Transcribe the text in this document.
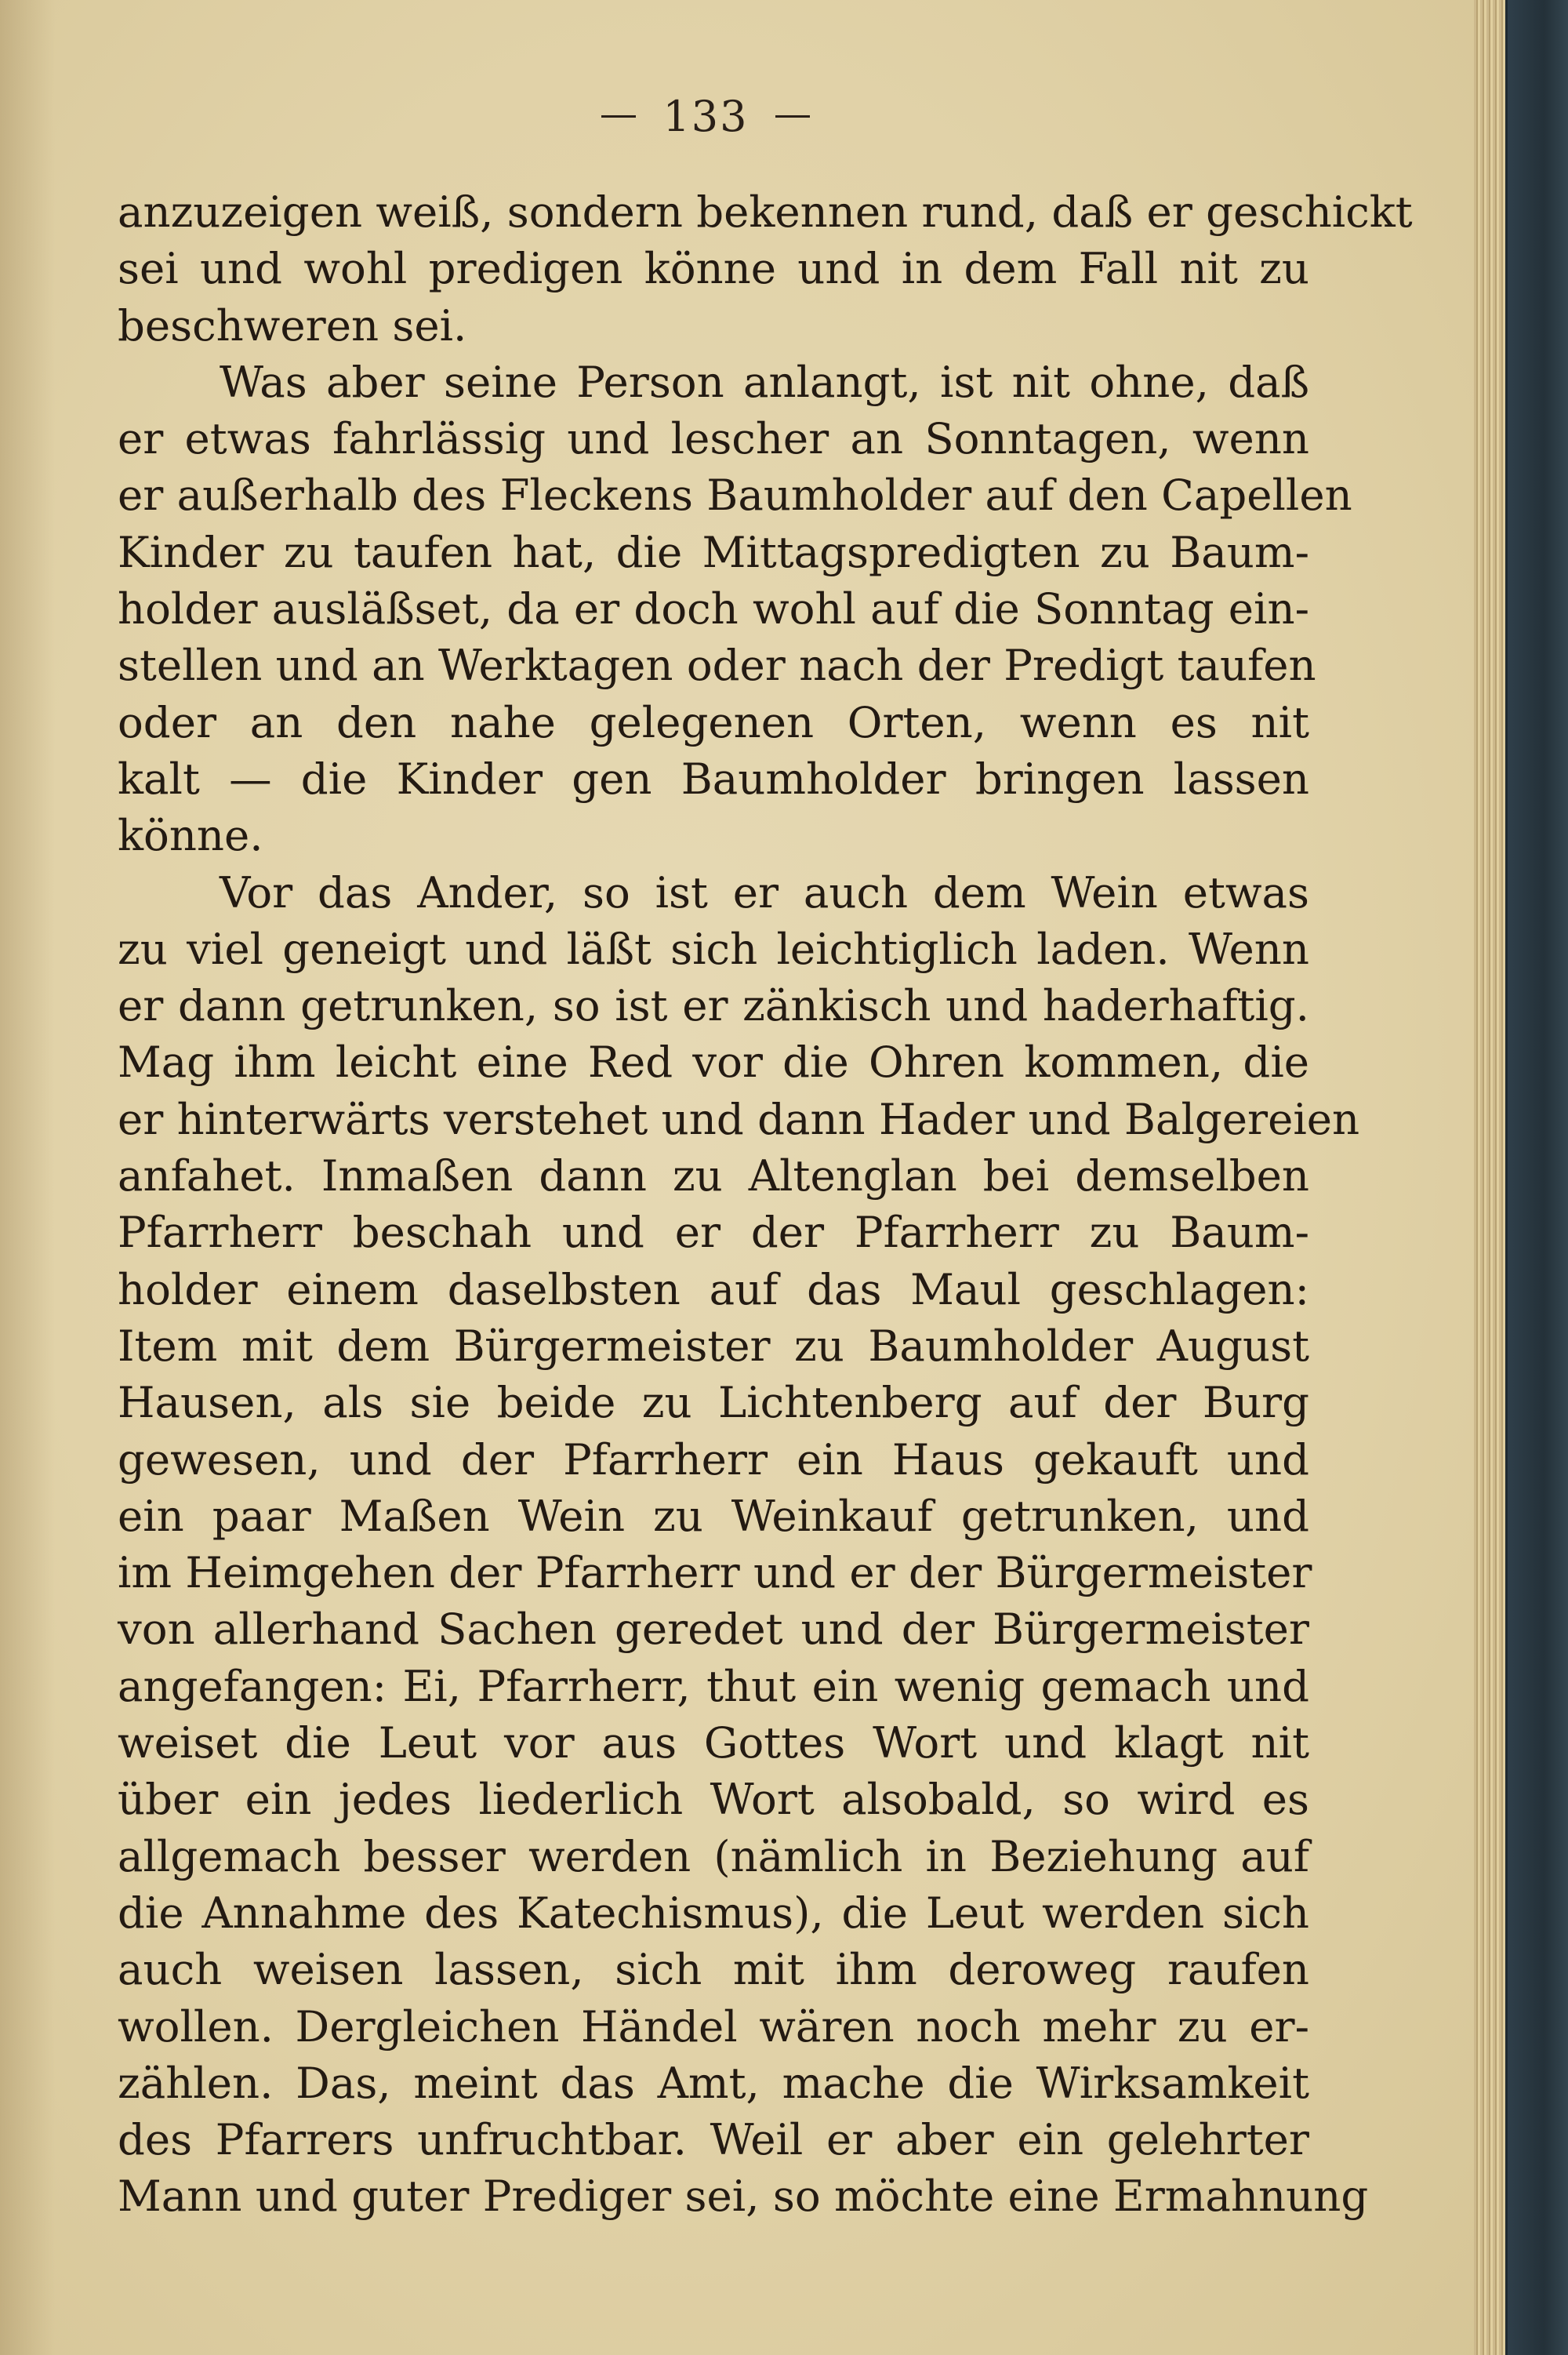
133
anzuzeigen weiß, sondern bekennen rund, daß er geschickt
sei und wohl predigen könne und in dem Fall nit zu
beschweren sei.
Was aber seine Person anlangt, ist nit ohne, daß
er etwas fahrlässig und lescher an Sonntagen, wenn
er außerhalb des Fleckens Baumholder auf den Capellen
Kinder zu taufen hat, die Mittagspredigten zu Baum-
holder ausläßset, da er doch wohl auf die Sonntag ein-
stellen und an Werktagen oder nach der Predigt taufen
oder an den nahe gelegenen Orten, wenn es nit
kalt — die Kinder gen Baumholder bringen lassen
könne.
Vor das Ander, so ist er auch dem Wein etwas
zu viel geneigt und läßt sich leichtiglich laden. Wenn
er dann getrunken, so ist er zänkisch und haderhaftig.
Mag ihm leicht eine Red vor die Ohren kommen, die
er hinterwärts verstehet und dann Hader und Balgereien
anfahet. Inmaßen dann zu Altenglan bei demselben
Pfarrherr beschah und er der Pfarrherr zu Baum-
holder einem daselbsten auf das Maul geschlagen:
Item mit dem Bürgermeister zu Baumholder August
Hausen, als sie beide zu Lichtenberg auf der Burg
gewesen, und der Pfarrherr ein Haus gekauft und
ein paar Maßen Wein zu Weinkauf getrunken, und
im Heimgehen der Pfarrherr und er der Bürgermeister
von allerhand Sachen geredet und der Bürgermeister
angefangen: Ei, Pfarrherr, thut ein wenig gemach und
weiset die Leut vor aus Gottes Wort und klagt nit
über ein jedes liederlich Wort alsobald, so wird es
allgemach besser werden (nämlich in Beziehung auf
die Annahme des Katechismus), die Leut werden sich
auch weisen lassen, sich mit ihm deroweg raufen
wollen. Dergleichen Händel wären noch mehr zu er-
zählen. Das, meint das Amt, mache die Wirksamkeit
des Pfarrers unfruchtbar. Weil er aber ein gelehrter
Mann und guter Prediger sei, so möchte eine Ermahnung
